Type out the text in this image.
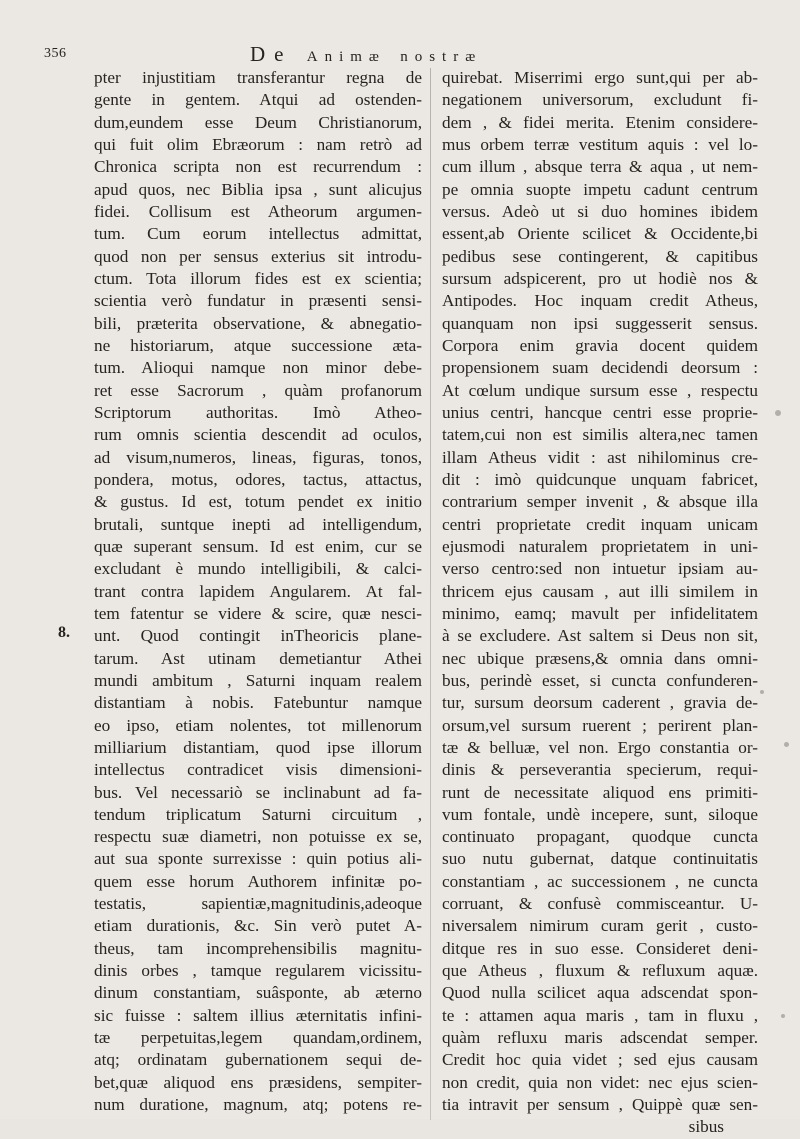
356	De Animæ nostræ
8.
pter injustitiam transferantur regna de
gente in gentem. Atqui ad ostenden-
dum,eundem esse Deum Christianorum,
qui fuit olim Ebræorum : nam retrò ad
Chronica scripta non est recurrendum :
apud quos, nec Biblia ipsa , sunt alicujus
fidei. Collisum est Atheorum argumen-
tum. Cum eorum intellectus admittat,
quod non per sensus exterius sit introdu-
ctum. Tota illorum fides est ex scientia;
scientia verò fundatur in præsenti sensi-
bili, præterita observatione, & abnegatio-
ne historiarum, atque successione æta-
tum. Alioqui namque non minor debe-
ret esse Sacrorum , quàm profanorum
Scriptorum authoritas. Imò Atheo-
rum omnis scientia descendit ad oculos,
ad visum,numeros, lineas, figuras, tonos,
pondera, motus, odores, tactus, attactus,
& gustus. Id est, totum pendet ex initio
brutali, suntque inepti ad intelligendum,
quæ superant sensum. Id est enim, cur se
excludant è mundo intelligibili, & calci-
trant contra lapidem Angularem. At fal-
tem fatentur se videre & scire, quæ nesci-
unt. Quod contingit inTheoricis plane-
tarum. Ast utinam demetiantur Athei
mundi ambitum , Saturni inquam realem
distantiam à nobis. Fatebuntur namque
eo ipso, etiam nolentes, tot millenorum
milliarium distantiam, quod ipse illorum
intellectus contradicet visis dimensioni-
bus. Vel necessariò se inclinabunt ad fa-
tendum triplicatum Saturni circuitum ,
respectu suæ diametri, non potuisse ex se,
aut sua sponte surrexisse : quin potius ali-
quem esse horum Authorem infinitæ po-
testatis, sapientiæ,magnitudinis,adeoque
etiam durationis, &c. Sin verò putet A-
theus, tam incomprehensibilis magnitu-
dinis orbes , tamque regularem vicissitu-
dinum constantiam, suâsponte, ab æterno
sic fuisse : saltem illius æternitatis infini-
tæ perpetuitas,legem quandam,ordinem,
atq; ordinatam gubernationem sequi de-
bet,quæ aliquod ens præsidens, sempiter-
num duratione, magnum, atq; potens re-
quirebat. Miserrimi ergo sunt,qui per ab-
negationem universorum, excludunt fi-
dem , & fidei merita. Etenim considere-
mus orbem terræ vestitum aquis : vel lo-
cum illum , absque terra & aqua , ut nem-
pe omnia suopte impetu cadunt centrum
versus. Adeò ut si duo homines ibidem
essent,ab Oriente scilicet & Occidente,bi
pedibus sese contingerent, & capitibus
sursum adspicerent, pro ut hodiè nos &
Antipodes. Hoc inquam credit Atheus,
quanquam non ipsi suggesserit sensus.
Corpora enim gravia docent quidem
propensionem suam decidendi deorsum :
At cœlum undique sursum esse , respectu
unius centri, hancque centri esse proprie-
tatem,cui non est similis altera,nec tamen
illam Atheus vidit : ast nihilominus cre-
dit : imò quidcunque unquam fabricet,
contrarium semper invenit , & absque illa
centri proprietate credit inquam unicam
ejusmodi naturalem proprietatem in uni-
verso centro:sed non intuetur ipsiam au-
thricem ejus causam , aut illi similem in
minimo, eamq; mavult per infidelitatem
à se excludere. Ast saltem si Deus non sit,
nec ubique præsens,& omnia dans omni-
bus, perindè esset, si cuncta confunderen-
tur, sursum deorsum caderent , gravia de-
orsum,vel sursum ruerent ; perirent plan-
tæ & belluæ, vel non. Ergo constantia or-
dinis & perseverantia specierum, requi-
runt de necessitate aliquod ens primiti-
vum fontale, undè incepere, sunt, siloque
continuato propagant, quodque cuncta
suo nutu gubernat, datque continuitatis
constantiam , ac successionem , ne cuncta
corruant, & confusè commisceantur. U-
niversalem nimirum curam gerit , custo-
ditque res in suo esse. Consideret deni-
que Atheus , fluxum & refluxum aquæ.
Quod nulla scilicet aqua adscendat spon-
te : attamen aqua maris , tam in fluxu ,
quàm refluxu maris adscendat semper.
Credit hoc quia videt ; sed ejus causam
non credit, quia non videt: nec ejus scien-
tia intravit per sensum , Quippè quæ sen-
sibus
